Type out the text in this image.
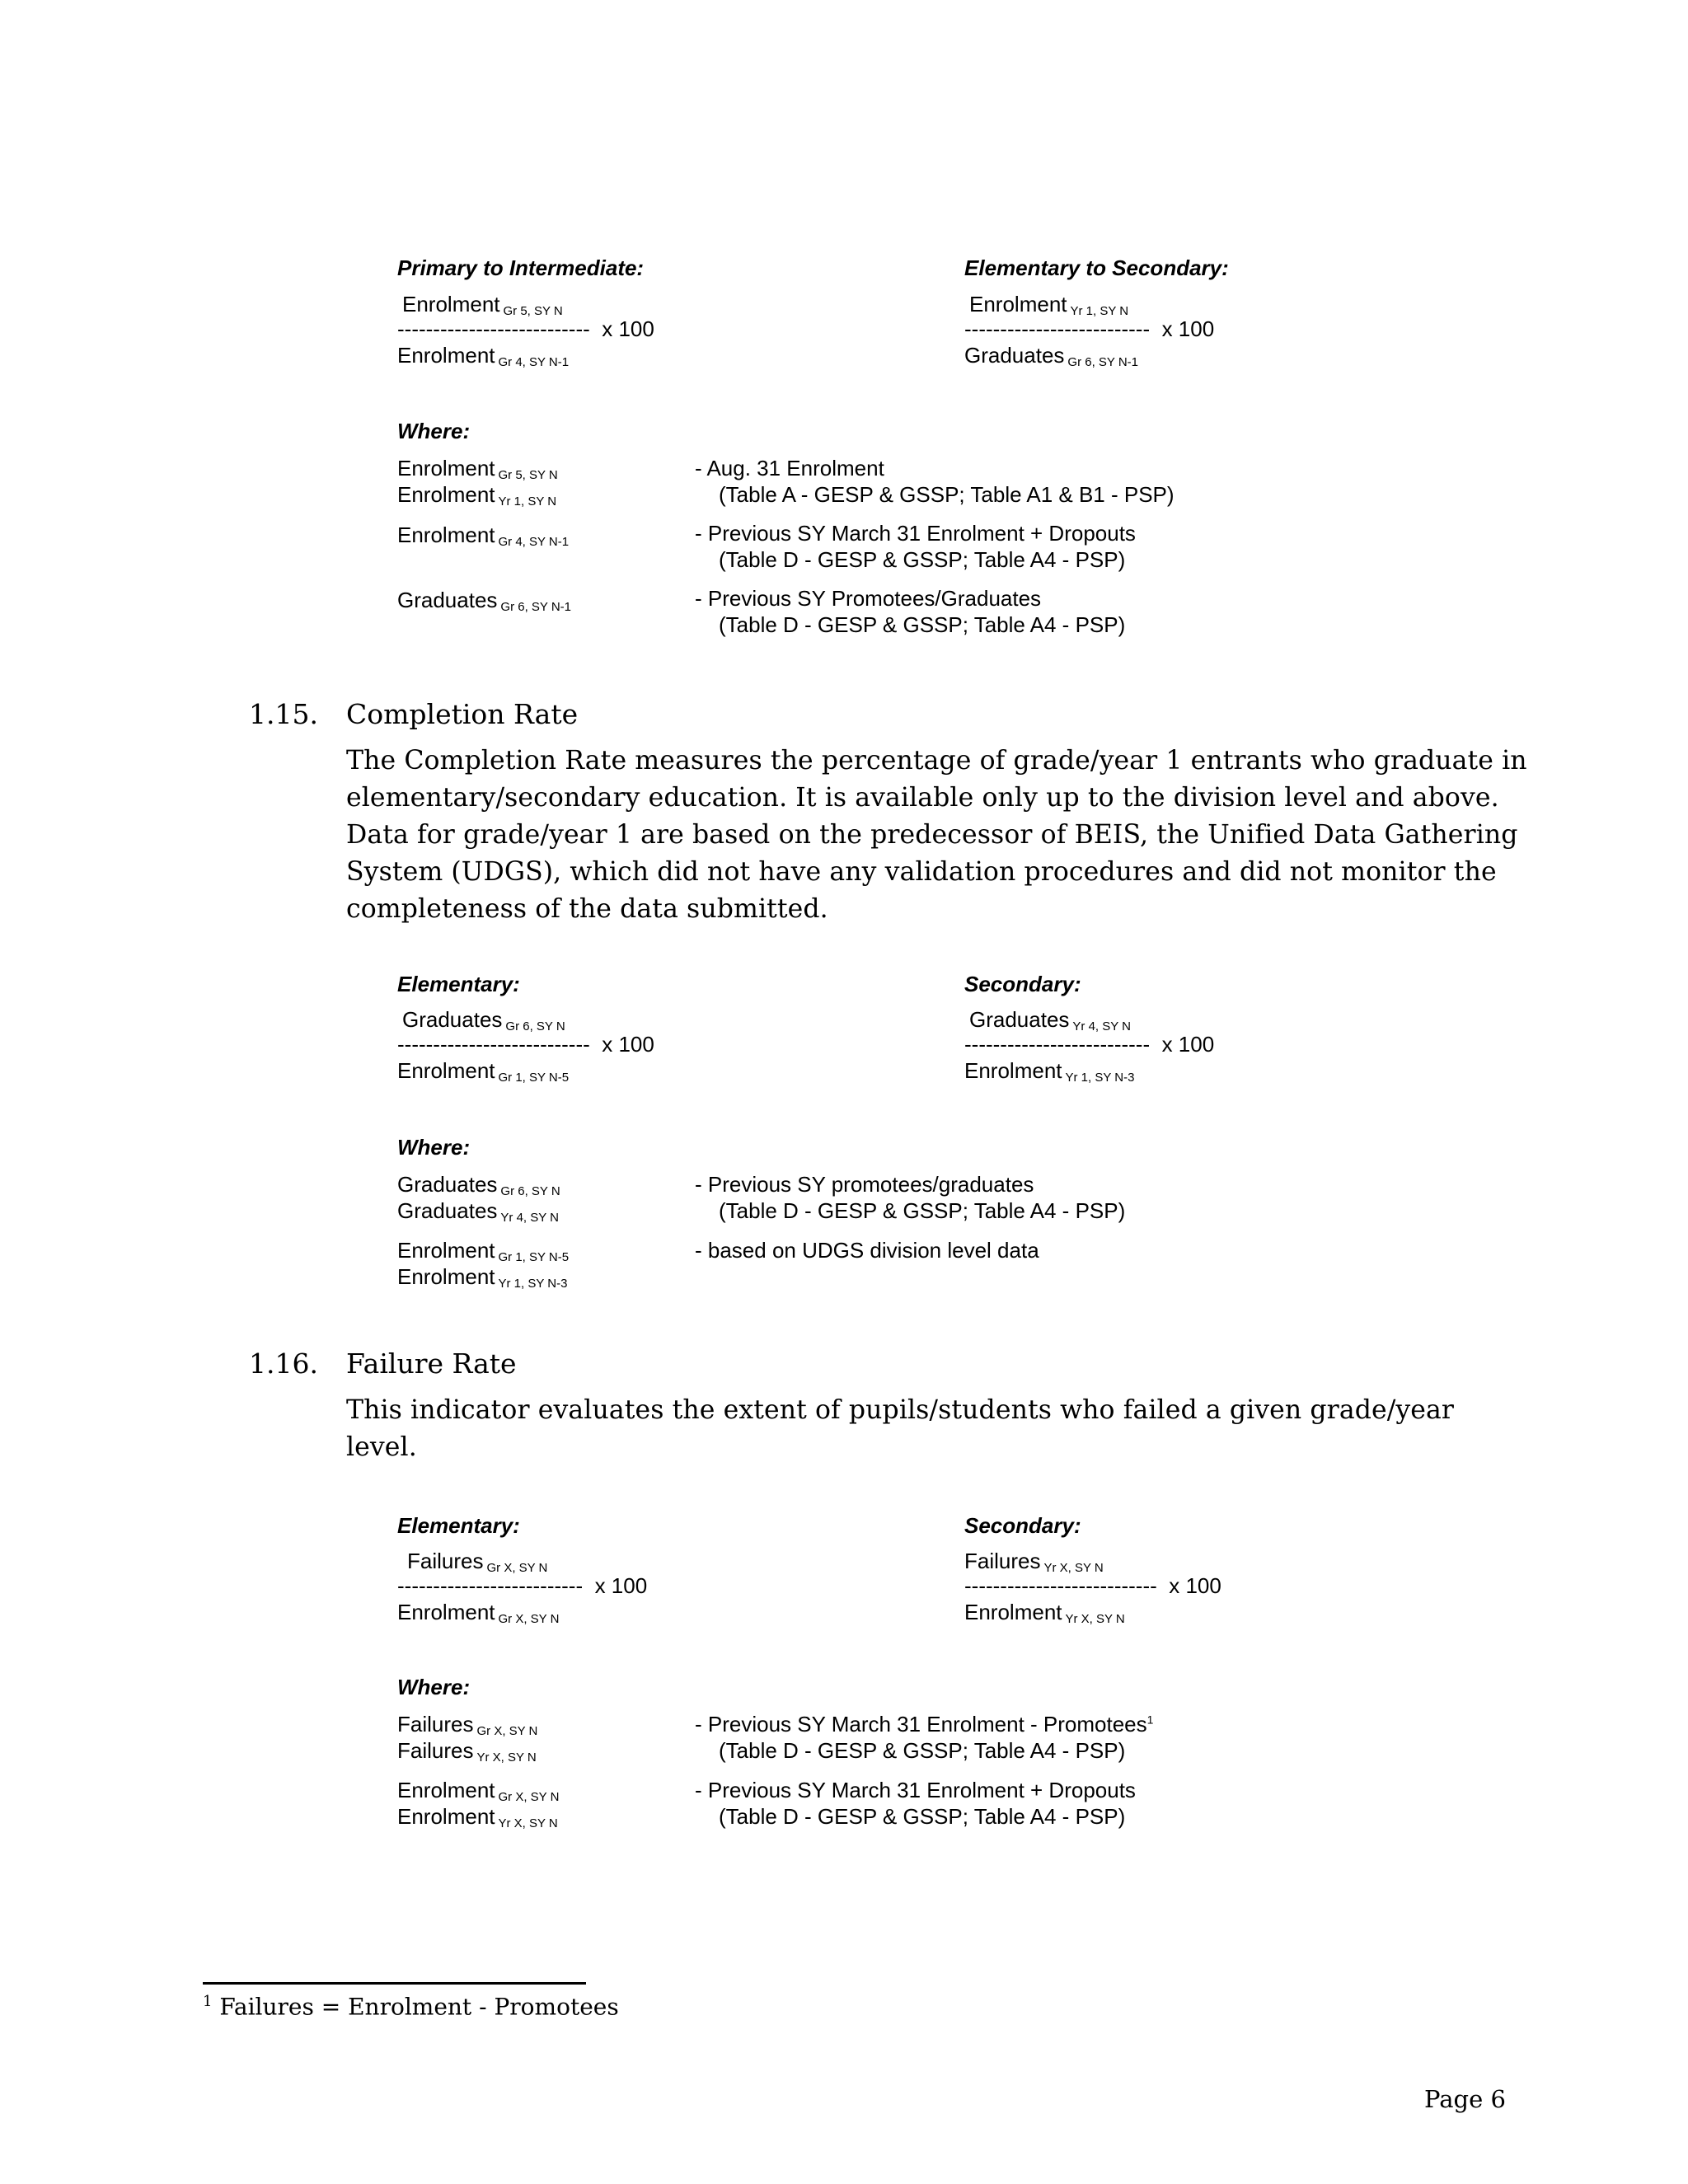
Primary to Intermediate:
Enrolment Gr 5, SY N
--------------------------- x 100
Enrolment Gr 4, SY N-1
Elementary to Secondary:
Enrolment Yr 1, SY N
-------------------------- x 100
Graduates Gr 6, SY N-1
Where:
Enrolment Gr 5, SY N
Enrolment Yr 1, SY N
- Aug. 31 Enrolment
(Table A - GESP & GSSP; Table A1 & B1 - PSP)
Enrolment Gr 4, SY N-1	- Previous SY March 31 Enrolment + Dropouts
(Table D - GESP & GSSP; Table A4 - PSP)
Graduates Gr 6, SY N-1	- Previous SY Promotees/Graduates
(Table D - GESP & GSSP; Table A4 - PSP)
1.15. Completion Rate
The Completion Rate measures the percentage of grade/year 1 entrants who graduate in
elementary/secondary education. It is available only up to the division level and above.
Data for grade/year 1 are based on the predecessor of BEIS, the Unified Data Gathering
System (UDGS), which did not have any validation procedures and did not monitor the
completeness of the data submitted.
Elementary:
Graduates Gr 6, SY N
--------------------------- x 100
Enrolment Gr 1, SY N-5
Secondary:
Graduates Yr 4, SY N
-------------------------- x 100
Enrolment Yr 1, SY N-3
Where:
Graduates Gr 6, SY N
Graduates Yr 4, SY N
- Previous SY promotees/graduates
(Table D - GESP & GSSP; Table A4 - PSP)
Enrolment Gr 1, SY N-5
Enrolment Yr 1, SY N-3
- based on UDGS division level data
1.16. Failure Rate
This indicator evaluates the extent of pupils/students who failed a given grade/year
level.
Elementary:
Failures Gr X, SY N
-------------------------- x 100
Enrolment Gr X, SY N
Secondary:
Failures Yr X, SY N
--------------------------- x 100
Enrolment Yr X, SY N
Where:
Failures Gr X, SY N
Failures Yr X, SY N
- Previous SY March 31 Enrolment - Promotees$^1$
(Table D - GESP & GSSP; Table A4 - PSP)
Enrolment Gr X, SY N
Enrolment Yr X, SY N
- Previous SY March 31 Enrolment + Dropouts
(Table D - GESP & GSSP; Table A4 - PSP)
$^1$ Failures = Enrolment - Promotees
Page 6
